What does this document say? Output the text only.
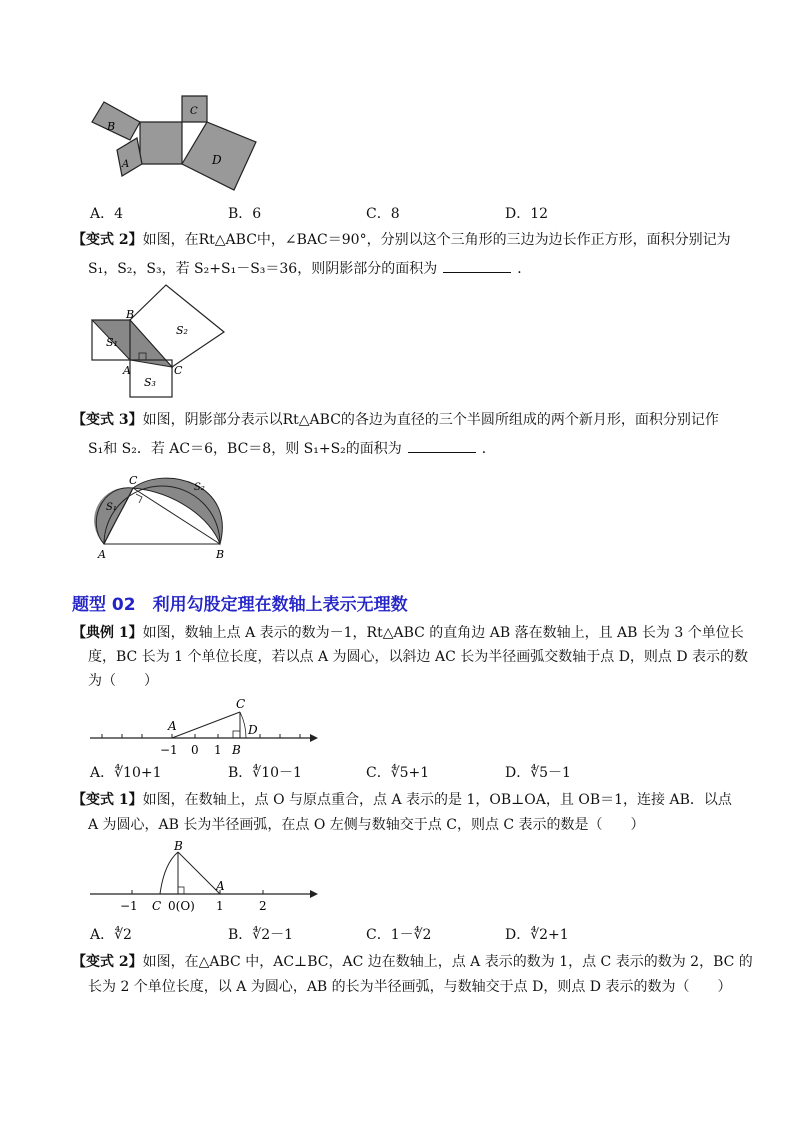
B
A
C
D
A．4	B．6	C．8	D．12
【变式 2】如图，在Rt△ABC中，∠BAC＝90°，分别以这个三角形的三边为边长作正方形，面积分别记为
S₁，S₂，S₃，若 S₂+S₁－S₃＝36，则阴影部分的面积为	．
B
A	C
S₁
S₂
S₃
【变式 3】如图，阴影部分表示以Rt△ABC的各边为直径的三个半圆所组成的两个新月形，面积分别记作
S₁和 S₂．若 AC＝6，BC＝8，则 S₁+S₂的面积为	．
C
A	B
S₁
S₂
题型 02　利用勾股定理在数轴上表示无理数
【典例 1】如图，数轴上点 A 表示的数为－1，Rt△ABC 的直角边 AB 落在数轴上，且 AB 长为 3 个单位长
度，BC 长为 1 个单位长度，若以点 A 为圆心，以斜边 AC 长为半径画弧交数轴于点 D，则点 D 表示的数
为（　　）
C
A	D
B
−1 0 1
A．∜10+1	B．∜10－1	C．∜5+1	D．∜5－1
【变式 1】如图，在数轴上，点 O 与原点重合，点 A 表示的是 1，OB⊥OA，且 OB＝1，连接 AB．以点
A 为圆心，AB 长为半径画弧，在点 O 左侧与数轴交于点 C，则点 C 表示的数是（　　）
B
A
−1 C 0(O) 1	2
A．∜2	B．∜2－1	C．1－∜2	D．∜2+1
【变式 2】如图，在△ABC 中，AC⊥BC，AC 边在数轴上，点 A 表示的数为 1，点 C 表示的数为 2，BC 的
长为 2 个单位长度，以 A 为圆心，AB 的长为半径画弧，与数轴交于点 D，则点 D 表示的数为（　　）
